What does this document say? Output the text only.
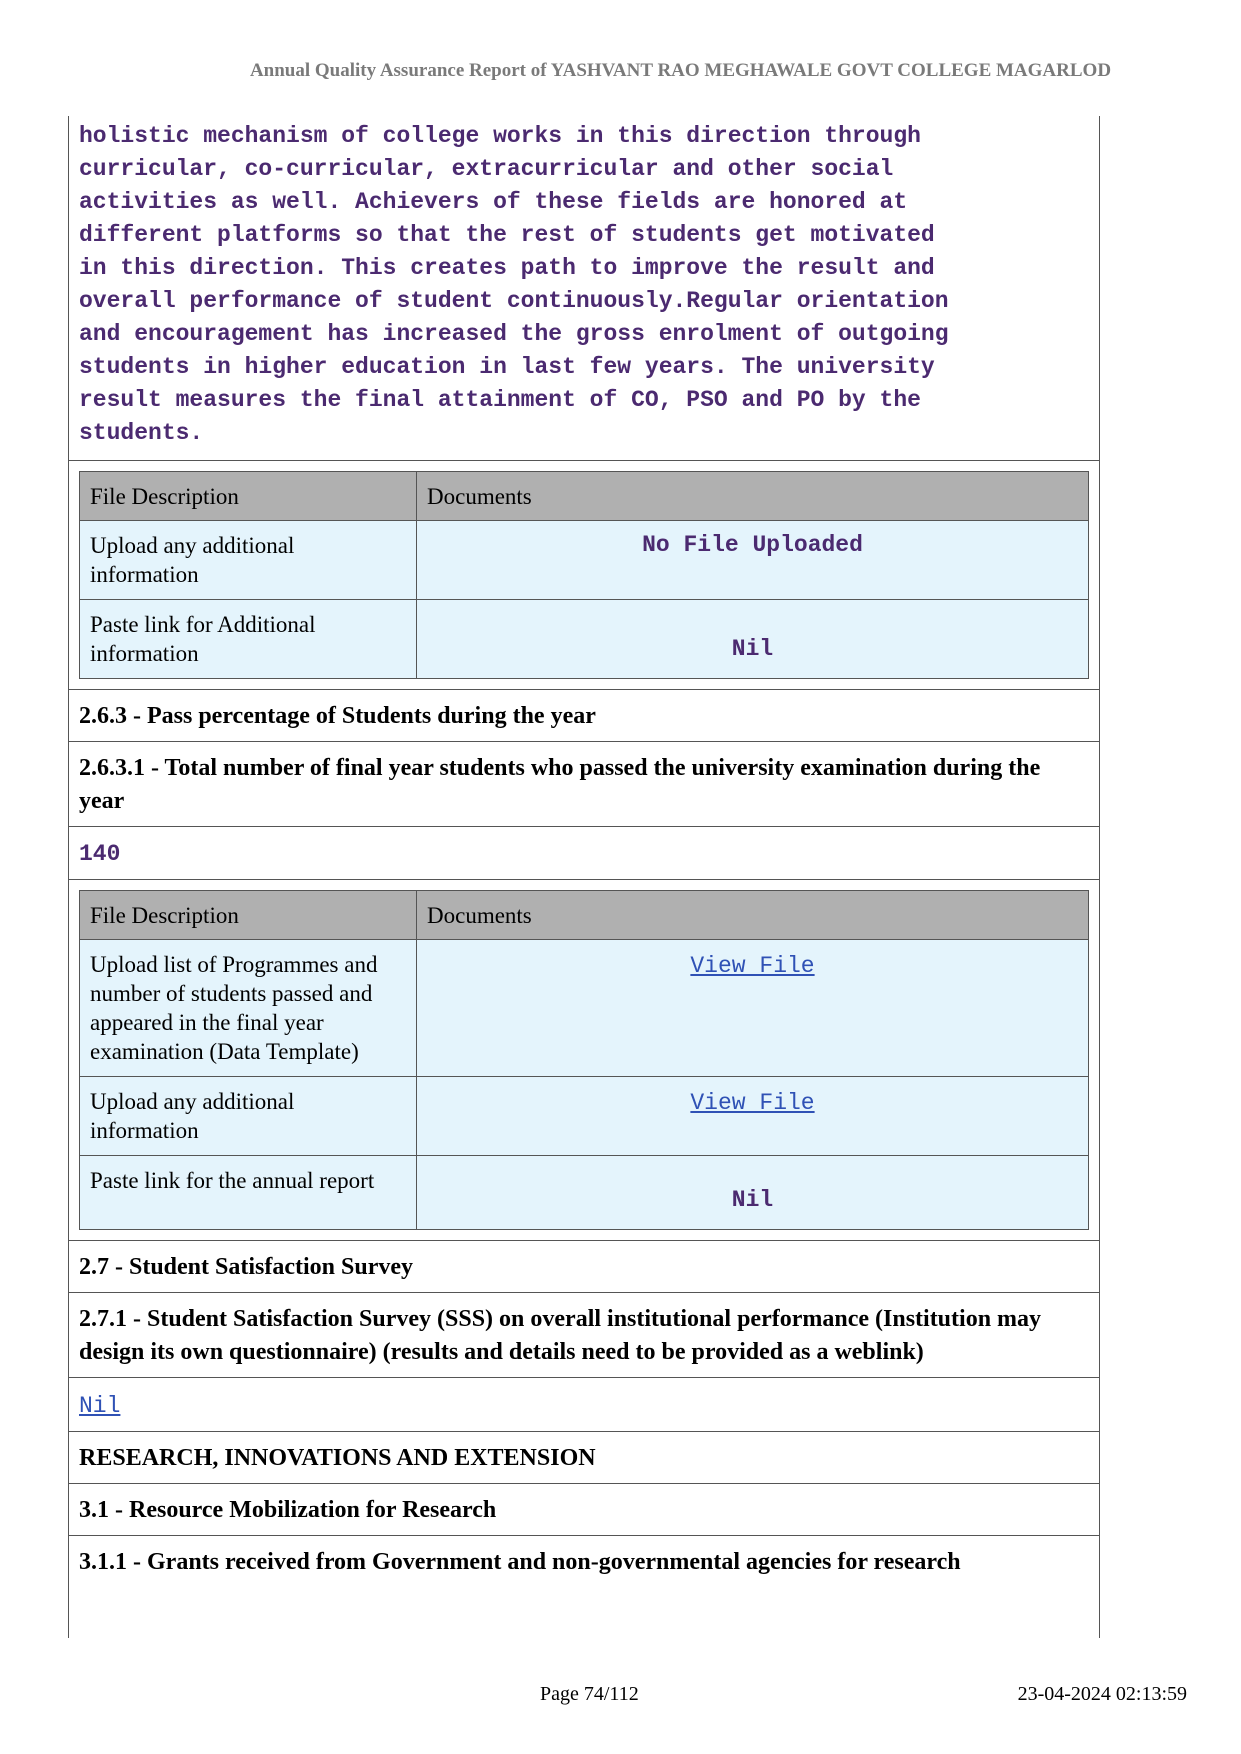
Annual Quality Assurance Report of YASHVANT RAO MEGHAWALE GOVT COLLEGE MAGARLOD
holistic mechanism of college works in this direction through
curricular, co-curricular, extracurricular and other social
activities as well. Achievers of these fields are honored at
different platforms so that the rest of students get motivated
in this direction. This creates path to improve the result and
overall performance of student continuously.Regular orientation
and encouragement has increased the gross enrolment of outgoing
students in higher education in last few years. The university
result measures the final attainment of CO, PSO and PO by the
students.
File Description	Documents
Upload any additional information	No File Uploaded
Paste link for Additional information	Nil
2.6.3 - Pass percentage of Students during the year
2.6.3.1 - Total number of final year students who passed the university examination during the year
140
File Description	Documents
Upload list of Programmes and number of students passed and appeared in the final year examination (Data Template)	View File
Upload any additional information	View File
Paste link for the annual report	Nil
2.7 - Student Satisfaction Survey
2.7.1 - Student Satisfaction Survey (SSS) on overall institutional performance (Institution may design its own questionnaire) (results and details need to be provided as a weblink)
Nil
RESEARCH, INNOVATIONS AND EXTENSION
3.1 - Resource Mobilization for Research
3.1.1 - Grants received from Government and non-governmental agencies for research
Page 74/112	23-04-2024 02:13:59
